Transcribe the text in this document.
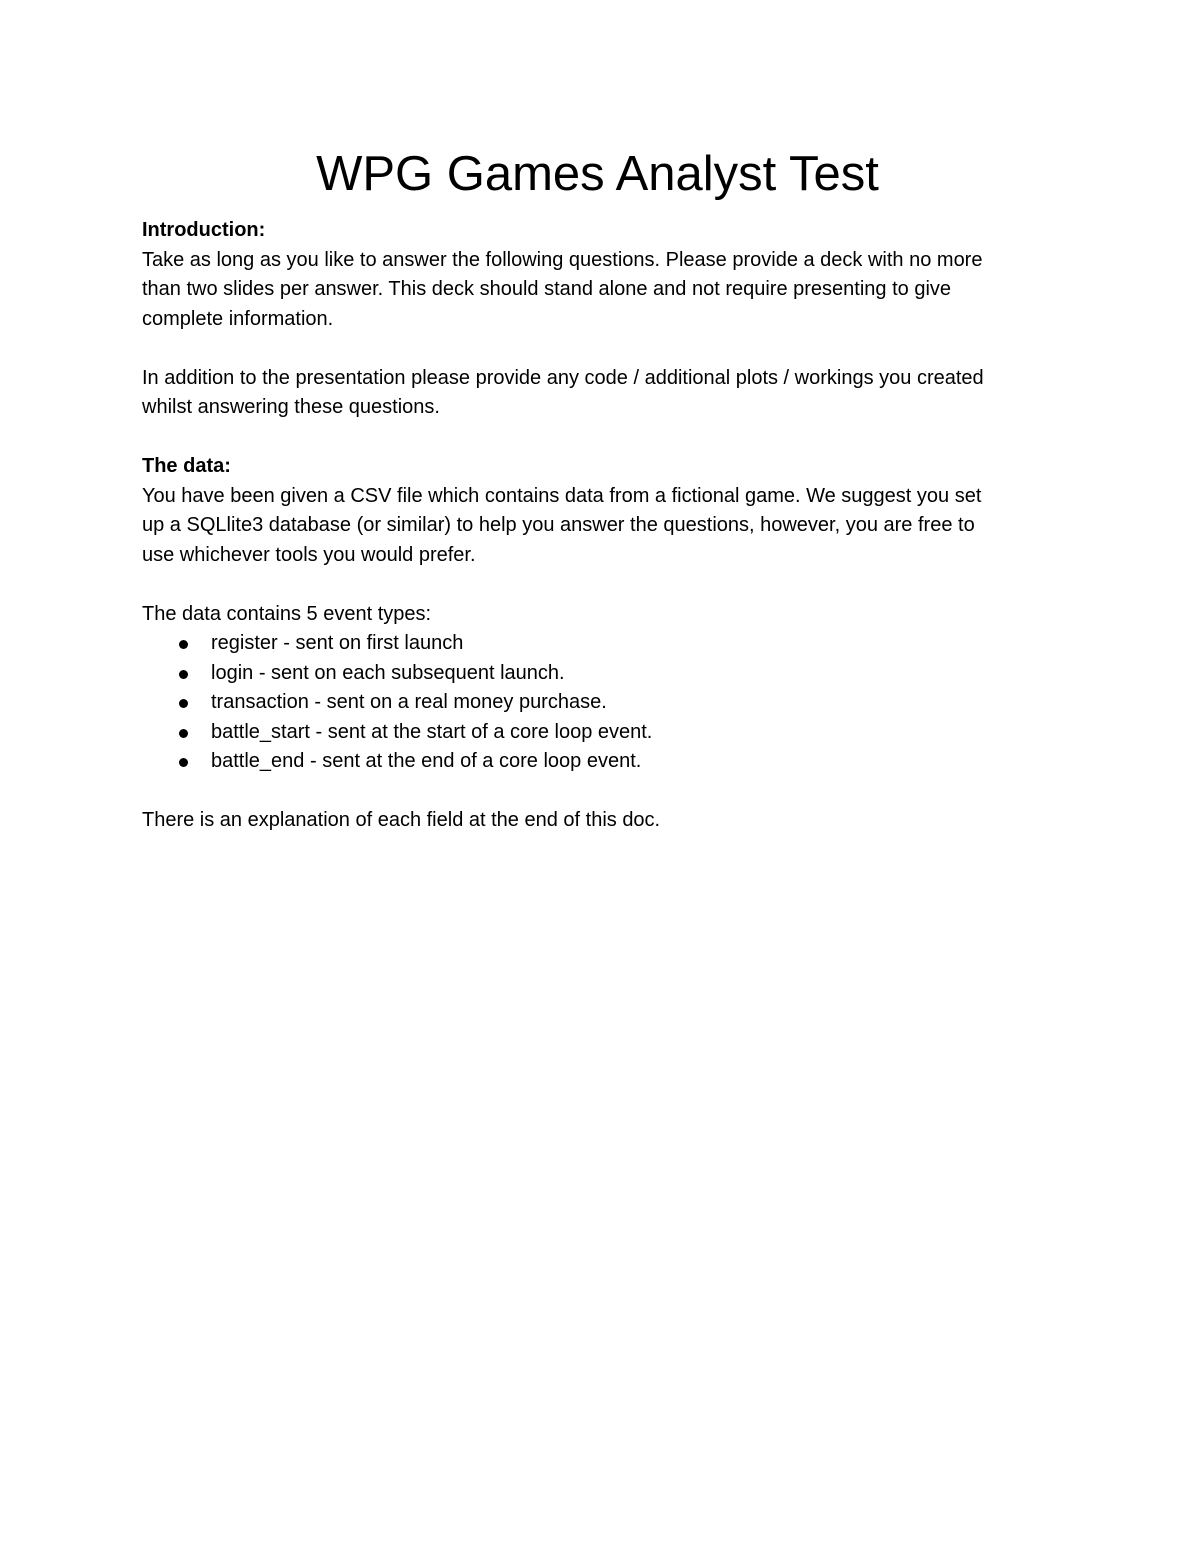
WPG Games Analyst Test

Introduction:

Take as long as you like to answer the following questions. Please provide a deck with no more

than two slides per answer. This deck should stand alone and not require presenting to give

complete information.

In addition to the presentation please provide any code / additional plots / workings you created

whilst answering these questions.

The data:

You have been given a CSV file which contains data from a fictional game. We suggest you set

up a SQLlite3 database (or similar) to help you answer the questions, however, you are free to

use whichever tools you would prefer.

The data contains 5 event types:

register - sent on first launch
login - sent on each subsequent launch.
transaction - sent on a real money purchase.
battle_start - sent at the start of a core loop event.
battle_end - sent at the end of a core loop event.

There is an explanation of each field at the end of this doc.
